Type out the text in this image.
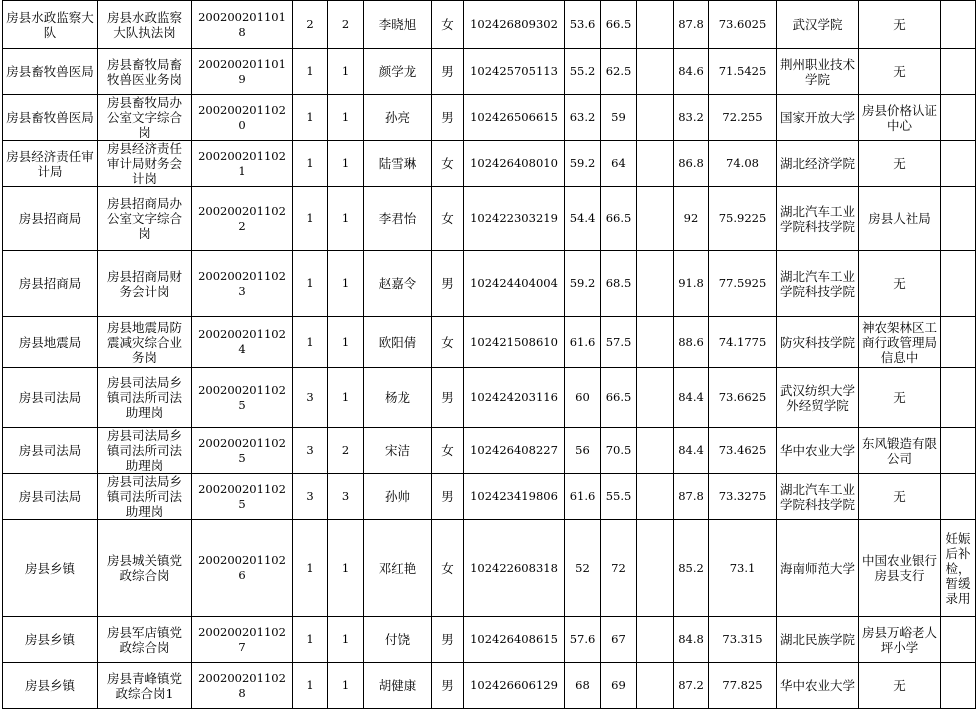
房县水政监察大队	房县水政监察大队执法岗	2002002011018	2	2	李晓旭	女	102426809302	53.6	66.5		87.8	73.6025	武汉学院	无	
房县畜牧兽医局	房县畜牧局畜牧兽医业务岗	2002002011019	1	1	颜学龙	男	102425705113	55.2	62.5		84.6	71.5425	荆州职业技术学院	无	
房县畜牧兽医局	房县畜牧局办公室文字综合岗	2002002011020	1	1	孙亮	男	102426506615	63.2	59		83.2	72.255	国家开放大学	房县价格认证中心	
房县经济责任审计局	房县经济责任审计局财务会计岗	2002002011021	1	1	陆雪琳	女	102426408010	59.2	64		86.8	74.08	湖北经济学院	无	
房县招商局	房县招商局办公室文字综合岗	2002002011022	1	1	李君怡	女	102422303219	54.4	66.5		92	75.9225	湖北汽车工业学院科技学院	房县人社局	
房县招商局	房县招商局财务会计岗	2002002011023	1	1	赵嘉令	男	102424404004	59.2	68.5		91.8	77.5925	湖北汽车工业学院科技学院	无	
房县地震局	房县地震局防震减灾综合业务岗	2002002011024	1	1	欧阳倩	女	102421508610	61.6	57.5		88.6	74.1775	防灾科技学院	神农架林区工商行政管理局信息中	
房县司法局	房县司法局乡镇司法所司法助理岗	2002002011025	3	1	杨龙	男	102424203116	60	66.5		84.4	73.6625	武汉纺织大学外经贸学院	无	
房县司法局	房县司法局乡镇司法所司法助理岗	2002002011025	3	2	宋洁	女	102426408227	56	70.5		84.4	73.4625	华中农业大学	东风锻造有限公司	
房县司法局	房县司法局乡镇司法所司法助理岗	2002002011025	3	3	孙帅	男	102423419806	61.6	55.5		87.8	73.3275	湖北汽车工业学院科技学院	无	
房县乡镇	房县城关镇党政综合岗	2002002011026	1	1	邓红艳	女	102422608318	52	72		85.2	73.1	海南师范大学	中国农业银行房县支行	妊娠后补检，暂缓录用
房县乡镇	房县军店镇党政综合岗	2002002011027	1	1	付饶	男	102426408615	57.6	67		84.8	73.315	湖北民族学院	房县万峪老人坪小学	
房县乡镇	房县青峰镇党政综合岗1	2002002011028	1	1	胡健康	男	102426606129	68	69		87.2	77.825	华中农业大学	无	
